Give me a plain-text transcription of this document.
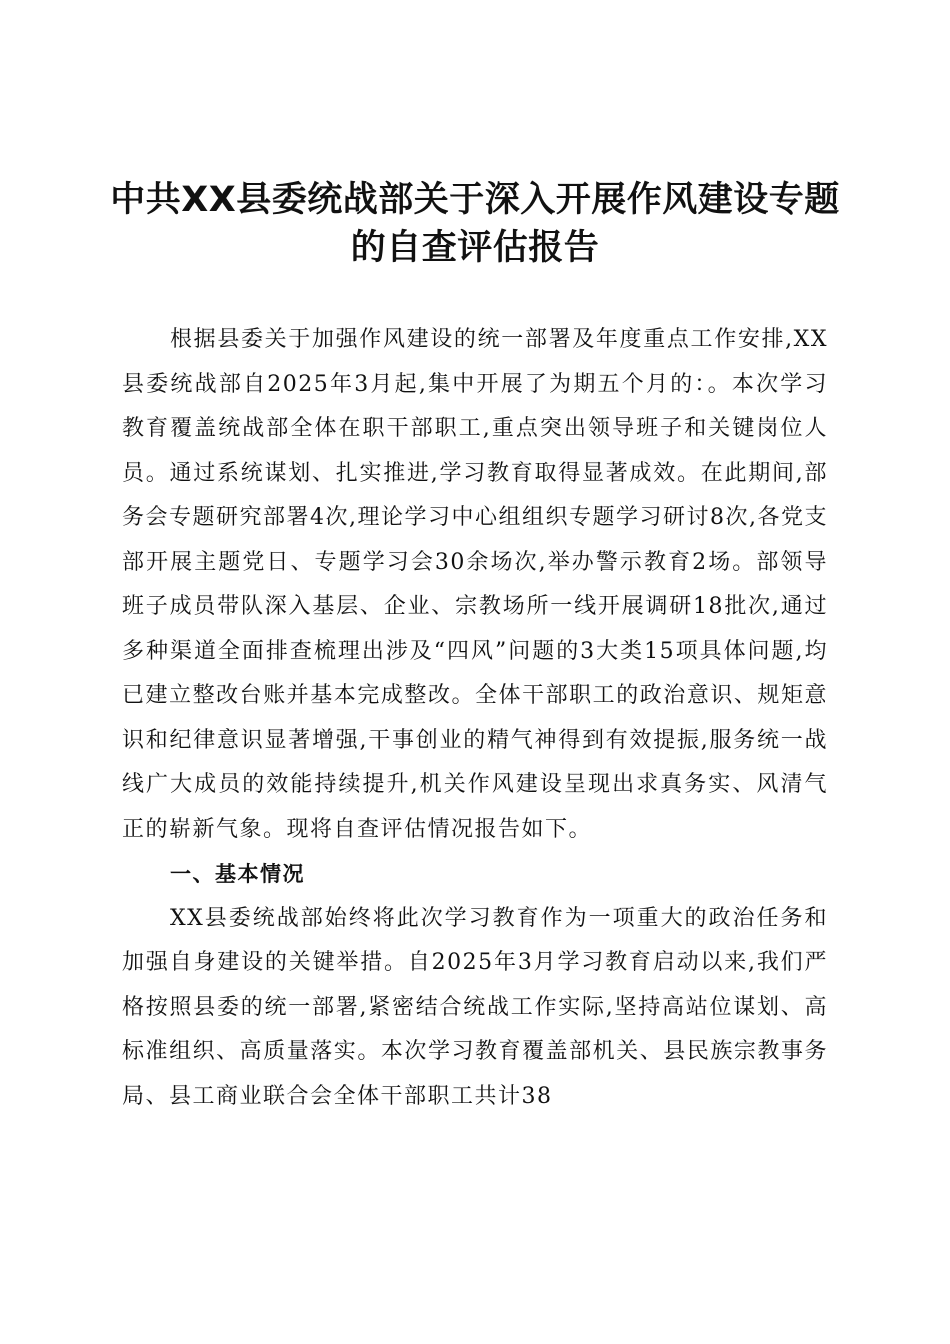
中共XX县委统战部关于深入开展作风建设专题的自查评估报告

根据县委关于加强作风建设的统一部署及年度重点工作安排,XX县委统战部自2025年3月起,集中开展了为期五个月的：。本次学习教育覆盖统战部全体在职干部职工,重点突出领导班子和关键岗位人员。通过系统谋划、扎实推进,学习教育取得显著成效。在此期间,部务会专题研究部署4次,理论学习中心组组织专题学习研讨8次,各党支部开展主题党日、专题学习会30余场次,举办警示教育2场。部领导班子成员带队深入基层、企业、宗教场所一线开展调研18批次,通过多种渠道全面排查梳理出涉及“四风”问题的3大类15项具体问题,均已建立整改台账并基本完成整改。全体干部职工的政治意识、规矩意识和纪律意识显著增强,干事创业的精气神得到有效提振,服务统一战线广大成员的效能持续提升,机关作风建设呈现出求真务实、风清气正的崭新气象。现将自查评估情况报告如下。

一、基本情况

XX县委统战部始终将此次学习教育作为一项重大的政治任务和加强自身建设的关键举措。自2025年3月学习教育启动以来,我们严格按照县委的统一部署,紧密结合统战工作实际,坚持高站位谋划、高标准组织、高质量落实。本次学习教育覆盖部机关、县民族宗教事务局、县工商业联合会全体干部职工共计38
